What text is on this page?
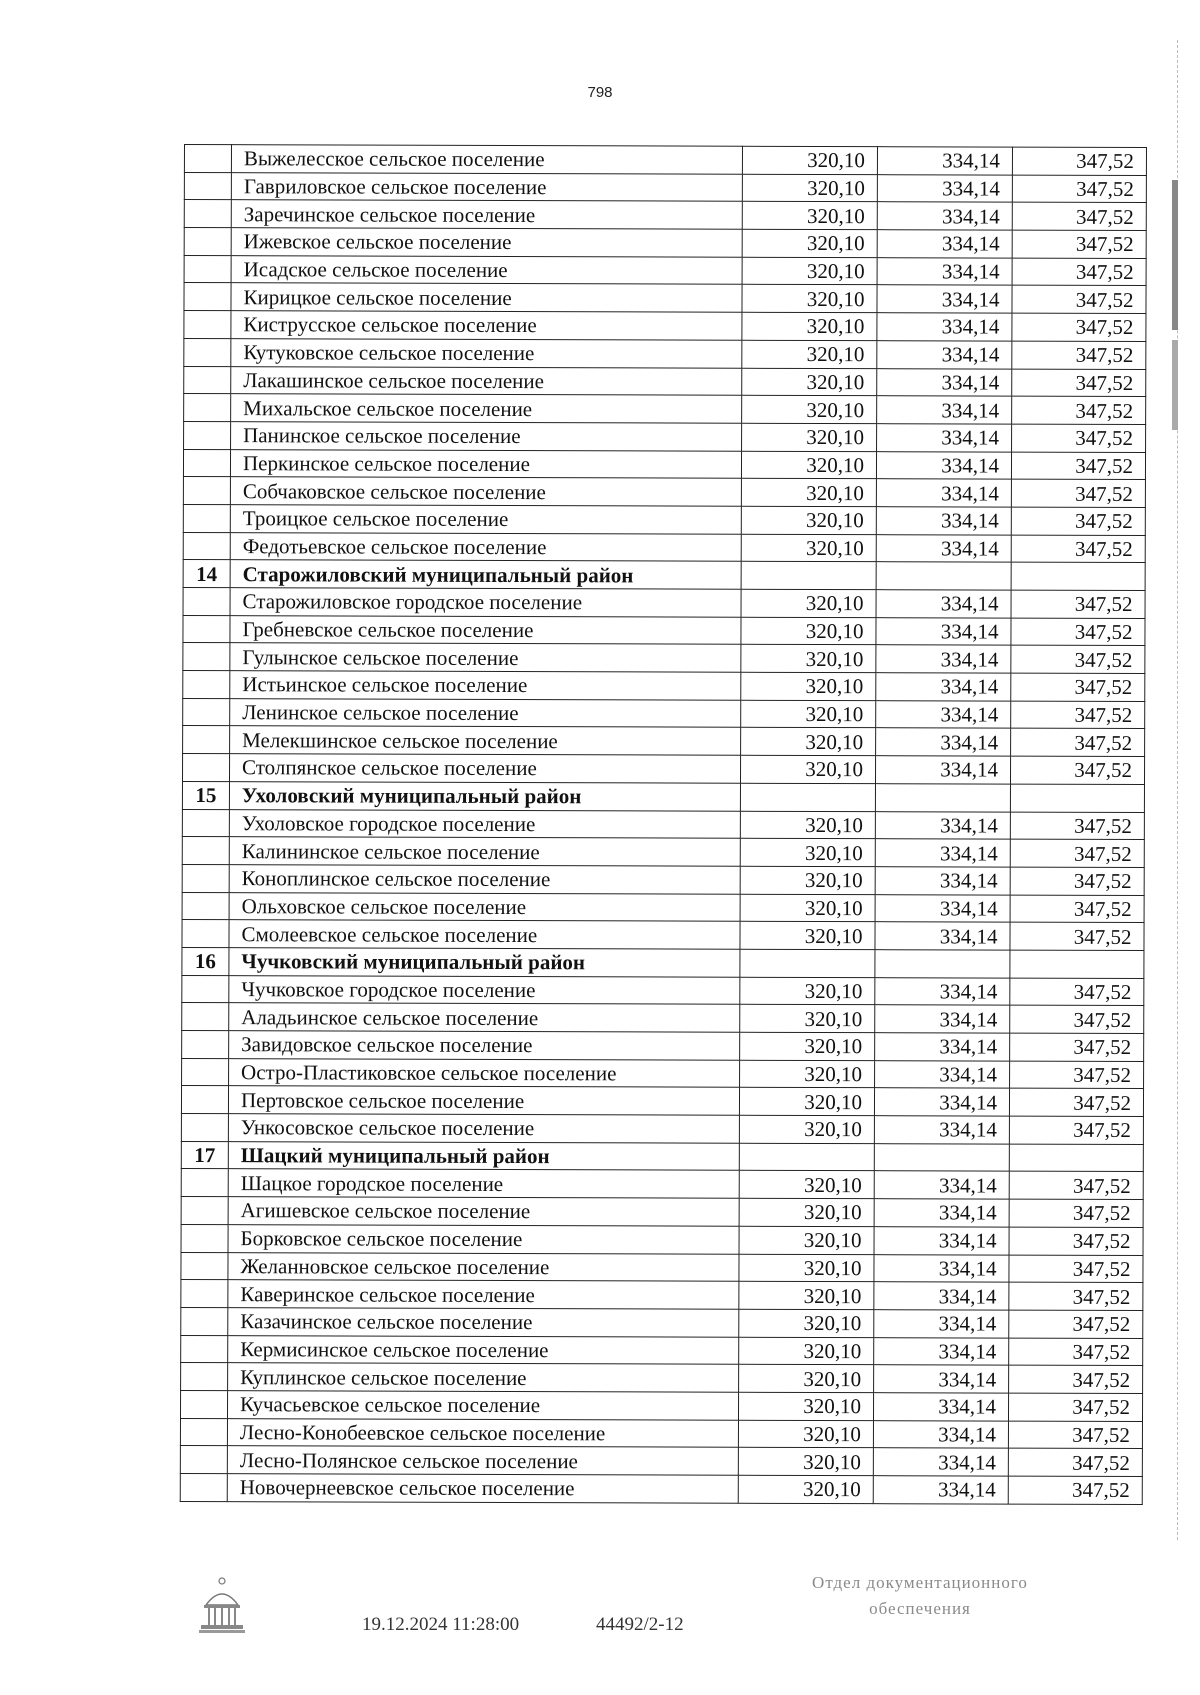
798
	Выжелесское сельское поселение	320,10	334,14	347,52
	Гавриловское сельское поселение	320,10	334,14	347,52
	Заречинское сельское поселение	320,10	334,14	347,52
	Ижевское сельское поселение	320,10	334,14	347,52
	Исадское сельское поселение	320,10	334,14	347,52
	Кирицкое сельское поселение	320,10	334,14	347,52
	Киструсское сельское поселение	320,10	334,14	347,52
	Кутуковское сельское поселение	320,10	334,14	347,52
	Лакашинское сельское поселение	320,10	334,14	347,52
	Михальское сельское поселение	320,10	334,14	347,52
	Панинское сельское поселение	320,10	334,14	347,52
	Перкинское сельское поселение	320,10	334,14	347,52
	Собчаковское сельское поселение	320,10	334,14	347,52
	Троицкое сельское поселение	320,10	334,14	347,52
	Федотьевское сельское поселение	320,10	334,14	347,52
14	Старожиловский муниципальный район			
	Старожиловское городское поселение	320,10	334,14	347,52
	Гребневское сельское поселение	320,10	334,14	347,52
	Гулынское сельское поселение	320,10	334,14	347,52
	Истьинское сельское поселение	320,10	334,14	347,52
	Ленинское сельское поселение	320,10	334,14	347,52
	Мелекшинское сельское поселение	320,10	334,14	347,52
	Столпянское сельское поселение	320,10	334,14	347,52
15	Ухоловский муниципальный район			
	Ухоловское городское поселение	320,10	334,14	347,52
	Калининское сельское поселение	320,10	334,14	347,52
	Коноплинское сельское поселение	320,10	334,14	347,52
	Ольховское сельское поселение	320,10	334,14	347,52
	Смолеевское сельское поселение	320,10	334,14	347,52
16	Чучковский муниципальный район			
	Чучковское городское поселение	320,10	334,14	347,52
	Аладьинское сельское поселение	320,10	334,14	347,52
	Завидовское сельское поселение	320,10	334,14	347,52
	Остро-Пластиковское сельское поселение	320,10	334,14	347,52
	Пертовское сельское поселение	320,10	334,14	347,52
	Ункосовское сельское поселение	320,10	334,14	347,52
17	Шацкий муниципальный район			
	Шацкое городское поселение	320,10	334,14	347,52
	Агишевское сельское поселение	320,10	334,14	347,52
	Борковское сельское поселение	320,10	334,14	347,52
	Желанновское сельское поселение	320,10	334,14	347,52
	Каверинское сельское поселение	320,10	334,14	347,52
	Казачинское сельское поселение	320,10	334,14	347,52
	Кермисинское сельское поселение	320,10	334,14	347,52
	Куплинское сельское поселение	320,10	334,14	347,52
	Кучасьевское сельское поселение	320,10	334,14	347,52
	Лесно-Конобеевское сельское поселение	320,10	334,14	347,52
	Лесно-Полянское сельское поселение	320,10	334,14	347,52
	Новочернеевское сельское поселение	320,10	334,14	347,52
19.12.2024 11:28:00	44492/2-12
Отдел документационного
обеспечения
